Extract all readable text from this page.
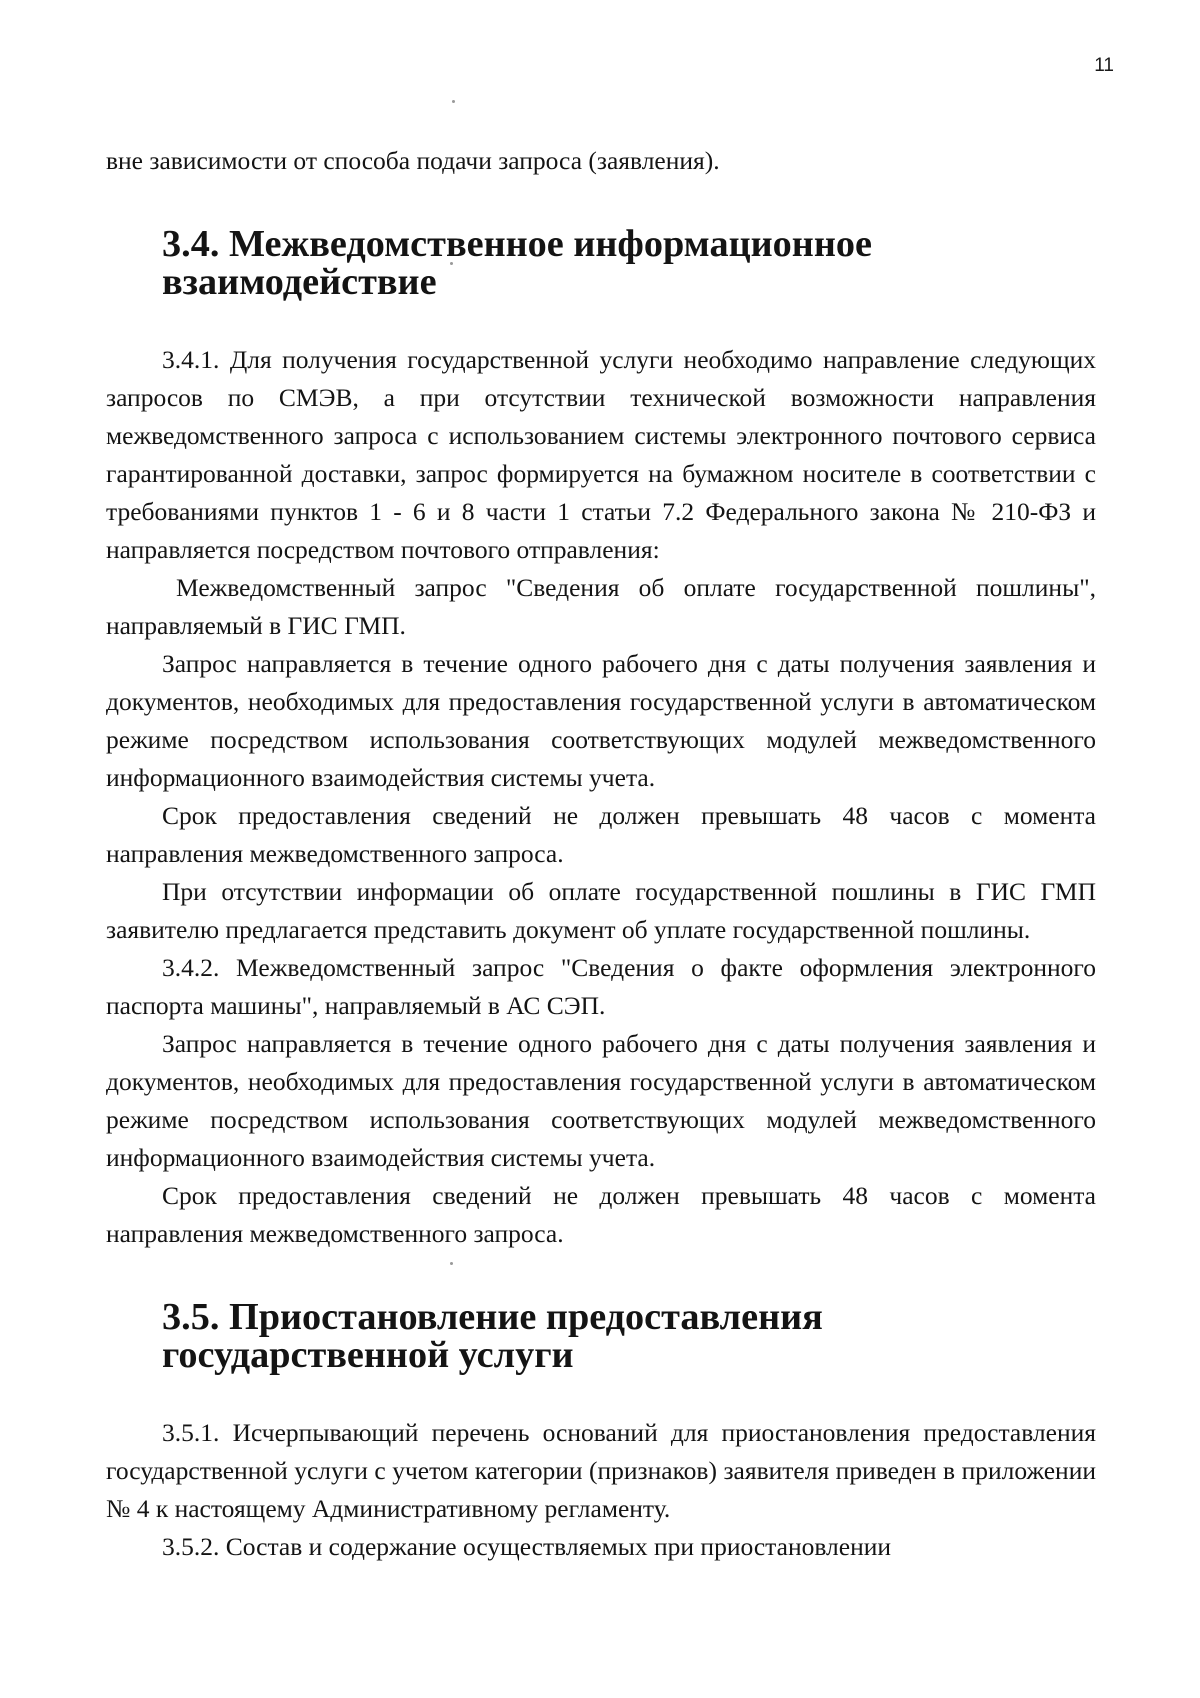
11

вне зависимости от способа подачи запроса (заявления).

3.4. Межведомственное информационное взаимодействие

3.4.1. Для получения государственной услуги необходимо направление следующих запросов по СМЭВ, а при отсутствии технической возможности направления межведомственного запроса с использованием системы электронного почтового сервиса гарантированной доставки, запрос формируется на бумажном носителе в соответствии с требованиями пунктов 1 - 6 и 8 части 1 статьи 7.2 Федерального закона № 210-ФЗ и направляется посредством почтового отправления:

Межведомственный запрос "Сведения об оплате государственной пошлины", направляемый в ГИС ГМП.

Запрос направляется в течение одного рабочего дня с даты получения заявления и документов, необходимых для предоставления государственной услуги в автоматическом режиме посредством использования соответствующих модулей межведомственного информационного взаимодействия системы учета.

Срок предоставления сведений не должен превышать 48 часов с момента направления межведомственного запроса.

При отсутствии информации об оплате государственной пошлины в ГИС ГМП заявителю предлагается представить документ об уплате государственной пошлины.

3.4.2. Межведомственный запрос "Сведения о факте оформления электронного паспорта машины", направляемый в АС СЭП.

Запрос направляется в течение одного рабочего дня с даты получения заявления и документов, необходимых для предоставления государственной услуги в автоматическом режиме посредством использования соответствующих модулей межведомственного информационного взаимодействия системы учета.

Срок предоставления сведений не должен превышать 48 часов с момента направления межведомственного запроса.

3.5. Приостановление предоставления государственной услуги

3.5.1. Исчерпывающий перечень оснований для приостановления предоставления государственной услуги с учетом категории (признаков) заявителя приведен в приложении № 4 к настоящему Административному регламенту.

3.5.2. Состав и содержание осуществляемых при приостановлении
